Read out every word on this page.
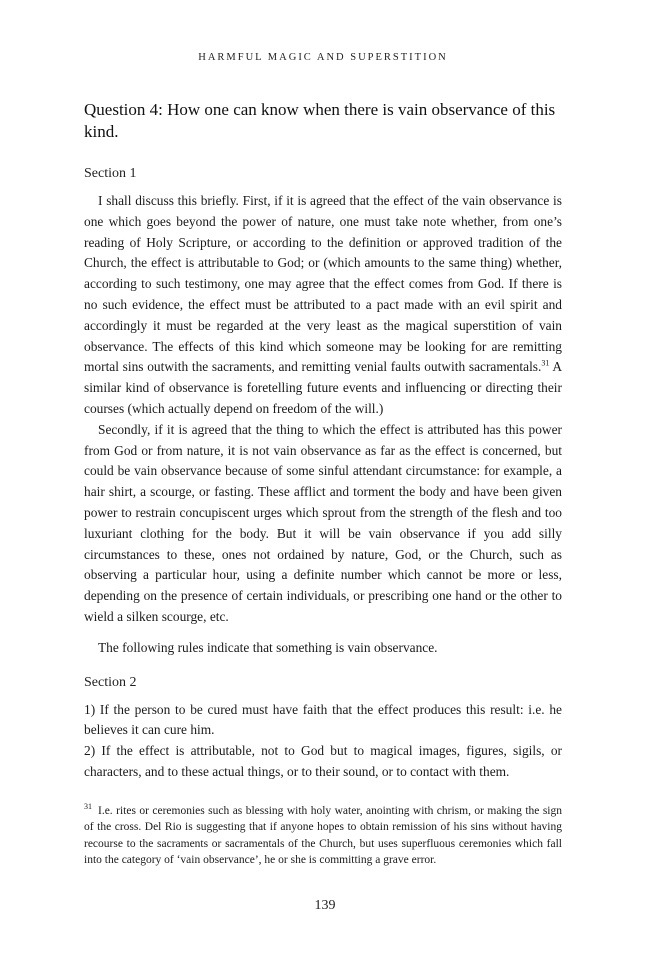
HARMFUL MAGIC AND SUPERSTITION
Question 4: How one can know when there is vain observance of this kind.
Section 1

I shall discuss this briefly. First, if it is agreed that the effect of the vain observance is one which goes beyond the power of nature, one must take note whether, from one’s reading of Holy Scripture, or according to the definition or approved tradition of the Church, the effect is attributable to God; or (which amounts to the same thing) whether, according to such testimony, one may agree that the effect comes from God. If there is no such evidence, the effect must be attributed to a pact made with an evil spirit and accordingly it must be regarded at the very least as the magical superstition of vain observance. The effects of this kind which someone may be looking for are remitting mortal sins outwith the sacraments, and remitting venial faults outwith sacramentals.$^{31}$ A similar kind of observance is foretelling future events and influencing or directing their courses (which actually depend on freedom of the will.)

Secondly, if it is agreed that the thing to which the effect is attributed has this power from God or from nature, it is not vain observance as far as the effect is concerned, but could be vain observance because of some sinful attendant circumstance: for example, a hair shirt, a scourge, or fasting. These afflict and torment the body and have been given power to restrain concupiscent urges which sprout from the strength of the flesh and too luxuriant clothing for the body. But it will be vain observance if you add silly circumstances to these, ones not ordained by nature, God, or the Church, such as observing a particular hour, using a definite number which cannot be more or less, depending on the presence of certain individuals, or prescribing one hand or the other to wield a silken scourge, etc.

The following rules indicate that something is vain observance.

Section 2

1) If the person to be cured must have faith that the effect produces this result: i.e. he believes it can cure him.

2) If the effect is attributable, not to God but to magical images, figures, sigils, or characters, and to these actual things, or to their sound, or to contact with them.

$^{31}$ I.e. rites or ceremonies such as blessing with holy water, anointing with chrism, or making the sign of the cross. Del Rio is suggesting that if anyone hopes to obtain remission of his sins without having recourse to the sacraments or sacramentals of the Church, but uses superfluous ceremonies which fall into the category of ‘vain observance’, he or she is committing a grave error.
139
